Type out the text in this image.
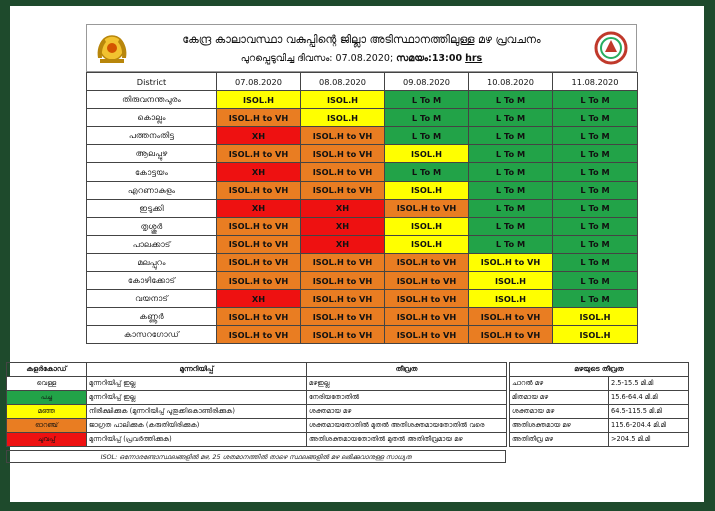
കേന്ദ്ര കാലാവസ്ഥാ വകുപ്പിന്റെ ജില്ലാ അടിസ്ഥാനത്തിലുള്ള മഴ പ്രവചനം
പുറപ്പെടുവിച്ച ദിവസം: 07.08.2020; സമയം:13:00 hrs
District	07.08.2020	08.08.2020	09.08.2020	10.08.2020	11.08.2020
തിരുവനന്തപുരം	ISOL.H	ISOL.H	L To M	L To M	L To M
കൊല്ലം	ISOL.H to VH	ISOL.H	L To M	L To M	L To M
പത്തനംതിട്ട	XH	ISOL.H to VH	L To M	L To M	L To M
ആലപ്പുഴ	ISOL.H to VH	ISOL.H to VH	ISOL.H	L To M	L To M
കോട്ടയം	XH	ISOL.H to VH	L To M	L To M	L To M
എറണാകുളം	ISOL.H to VH	ISOL.H to VH	ISOL.H	L To M	L To M
ഇടുക്കി	XH	XH	ISOL.H to VH	L To M	L To M
തൃശ്ശൂർ	ISOL.H to VH	XH	ISOL.H	L To M	L To M
പാലക്കാട്	ISOL.H to VH	XH	ISOL.H	L To M	L To M
മലപ്പുറം	ISOL.H to VH	ISOL.H to VH	ISOL.H to VH	ISOL.H to VH	L To M
കോഴിക്കോട്	ISOL.H to VH	ISOL.H to VH	ISOL.H to VH	ISOL.H	L To M
വയനാട്	XH	ISOL.H to VH	ISOL.H to VH	ISOL.H	L To M
കണ്ണൂർ	ISOL.H to VH	ISOL.H to VH	ISOL.H to VH	ISOL.H to VH	ISOL.H
കാസറഗോഡ്	ISOL.H to VH	ISOL.H to VH	ISOL.H to VH	ISOL.H to VH	ISOL.H
കളർകോഡ്	മുന്നറിയിപ്പ്	തീവ്രത
വെള്ള	മുന്നറിയിപ്പ് ഇല്ല	മഴഇല്ല
പച്ച	മുന്നറിയിപ്പ് ഇല്ല	നേരിയതോതിൽ
മഞ്ഞ	നിരീക്ഷിക്കുക (മുന്നറിയിപ്പ് പുതുക്കികൊണ്ടിരിക്കുക)	ശക്തമായ മഴ
ഓറഞ്ച്	ജാഗ്രത പാലിക്കുക (കരുതിയിരിക്കുക)	ശക്തമായതോതിൽ മുതൽ അതിശക്തമായതോതിൽ വരെ
ചുവപ്പ്	മുന്നറിയിപ്പ് (പ്രവർത്തിക്കുക)	അതിശക്തമായതോതിൽ മുതൽ അതിതീവ്രമായ മഴ
മഴയുടെ തീവ്രത	
ചാറൽ മഴ	2.5-15.5 മി.മി
മിതമായ മഴ	15.6-64.4 മി.മി
ശക്തമായ മഴ	64.5-115.5 മി.മി
അതിശക്തമായ മഴ	115.6-204.4 മി.മി
അതിതീവ്ര മഴ	>204.5 മി.മി
ISOL: ഒന്നോരണ്ടോസ്ഥലങ്ങളിൽ മഴ, 25 ശതമാനത്തിൽ താഴെ സ്ഥലങ്ങളിൽ മഴ ലഭിക്കുവാനുള്ള സാധ്യത
